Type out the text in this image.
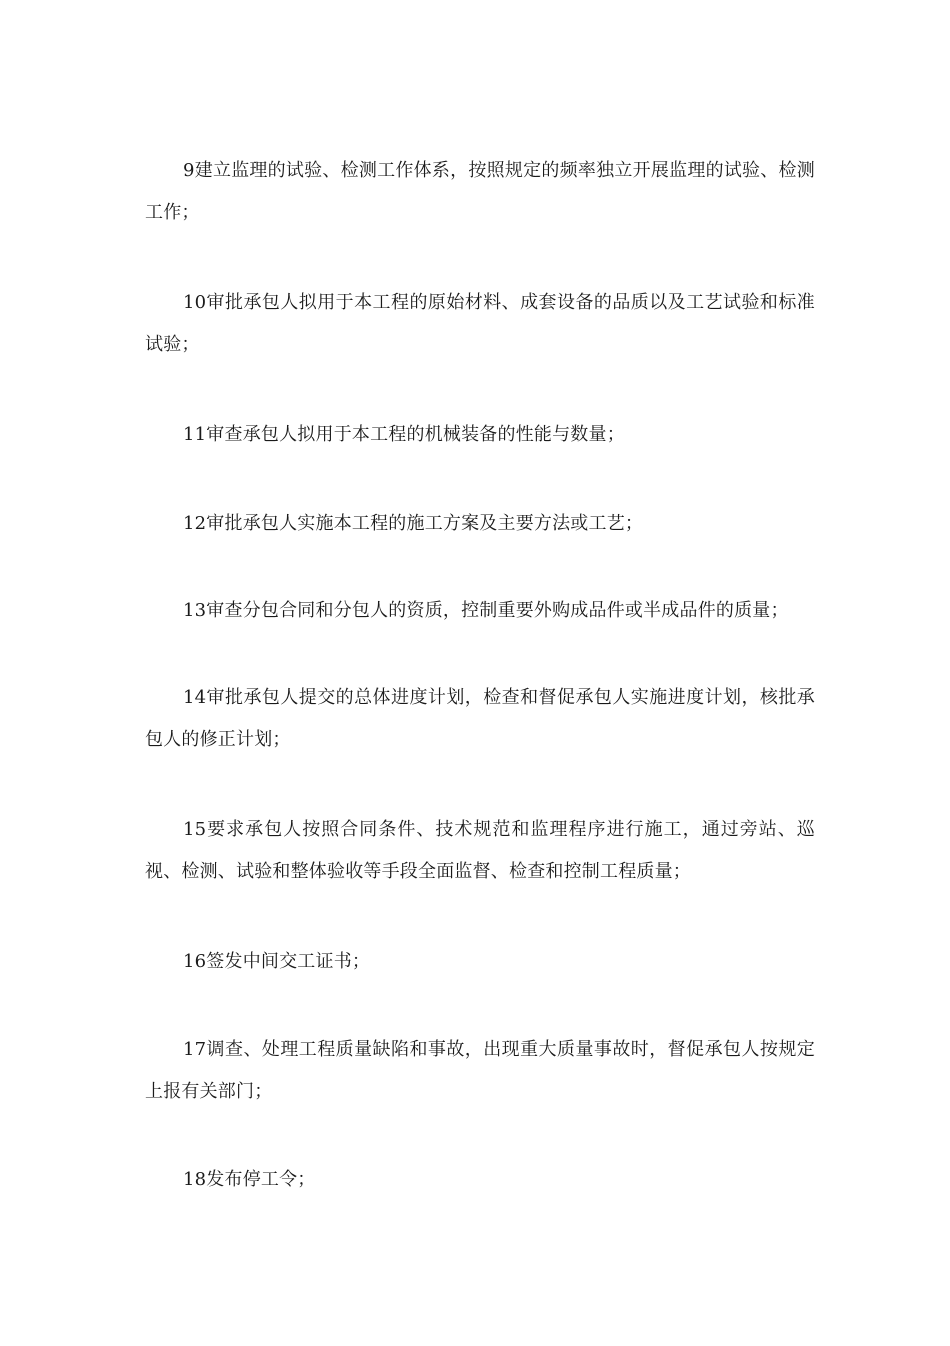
9建立监理的试验、检测工作体系，按照规定的频率独立开展监理的试验、检测工作；

10审批承包人拟用于本工程的原始材料、成套设备的品质以及工艺试验和标准试验；

11审查承包人拟用于本工程的机械装备的性能与数量；

12审批承包人实施本工程的施工方案及主要方法或工艺；

13审查分包合同和分包人的资质，控制重要外购成品件或半成品件的质量；

14审批承包人提交的总体进度计划，检查和督促承包人实施进度计划，核批承包人的修正计划；

15要求承包人按照合同条件、技术规范和监理程序进行施工，通过旁站、巡视、检测、试验和整体验收等手段全面监督、检查和控制工程质量；

16签发中间交工证书；

17调查、处理工程质量缺陷和事故，出现重大质量事故时，督促承包人按规定上报有关部门；

18发布停工令；
